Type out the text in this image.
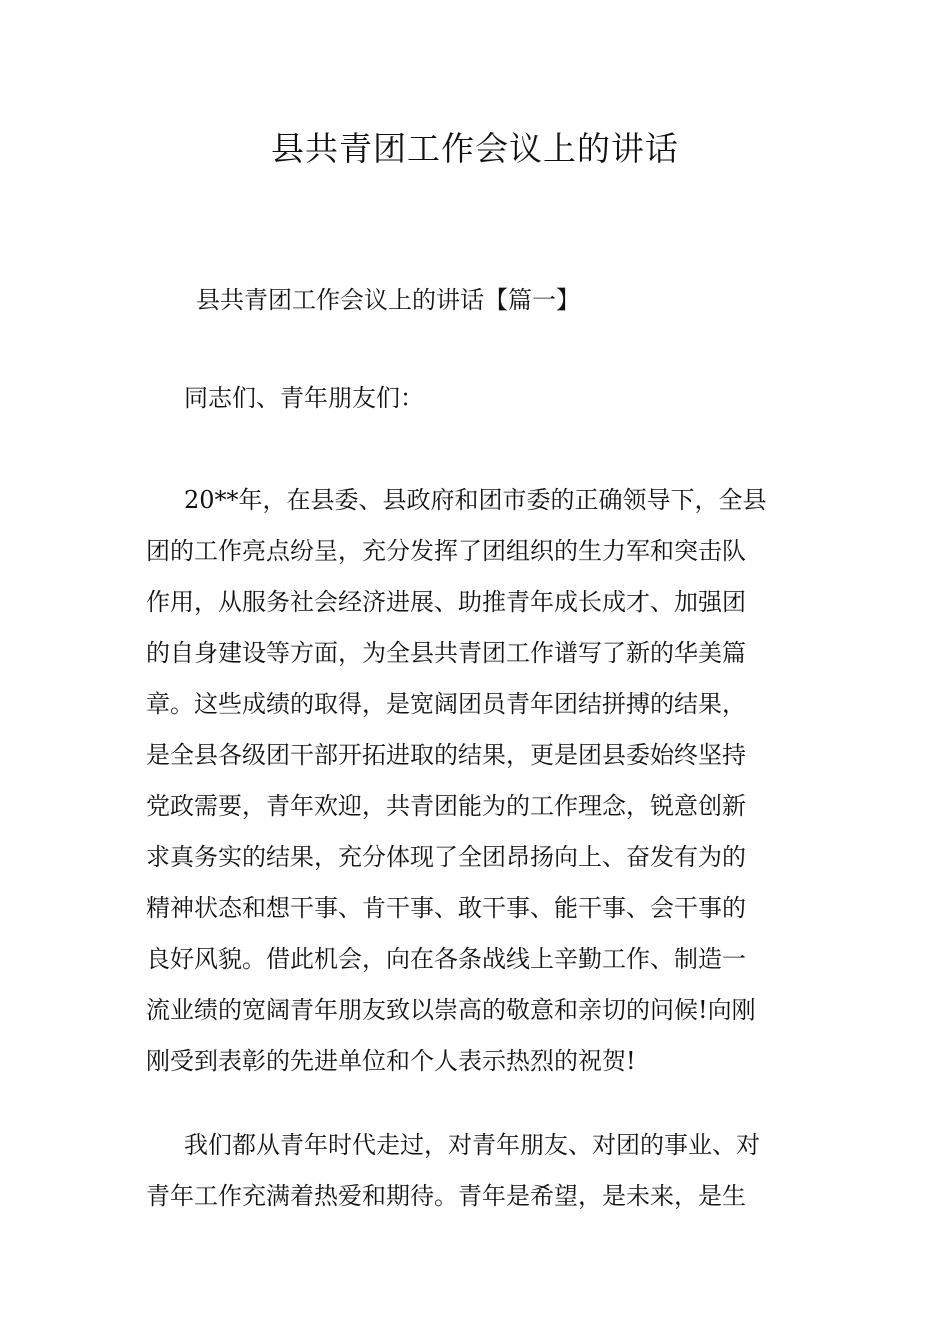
县共青团工作会议上的讲话
县共青团工作会议上的讲话【篇一】
同志们、青年朋友们：
20**年，在县委、县政府和团市委的正确领导下，全县
团的工作亮点纷呈，充分发挥了团组织的生力军和突击队
作用，从服务社会经济进展、助推青年成长成才、加强团
的自身建设等方面，为全县共青团工作谱写了新的华美篇
章。这些成绩的取得，是宽阔团员青年团结拼搏的结果，
是全县各级团干部开拓进取的结果，更是团县委始终坚持
党政需要，青年欢迎，共青团能为的工作理念，锐意创新
求真务实的结果，充分体现了全团昂扬向上、奋发有为的
精神状态和想干事、肯干事、敢干事、能干事、会干事的
良好风貌。借此机会，向在各条战线上辛勤工作、制造一
流业绩的宽阔青年朋友致以崇高的敬意和亲切的问候!向刚
刚受到表彰的先进单位和个人表示热烈的祝贺!
我们都从青年时代走过，对青年朋友、对团的事业、对
青年工作充满着热爱和期待。青年是希望，是未来，是生
